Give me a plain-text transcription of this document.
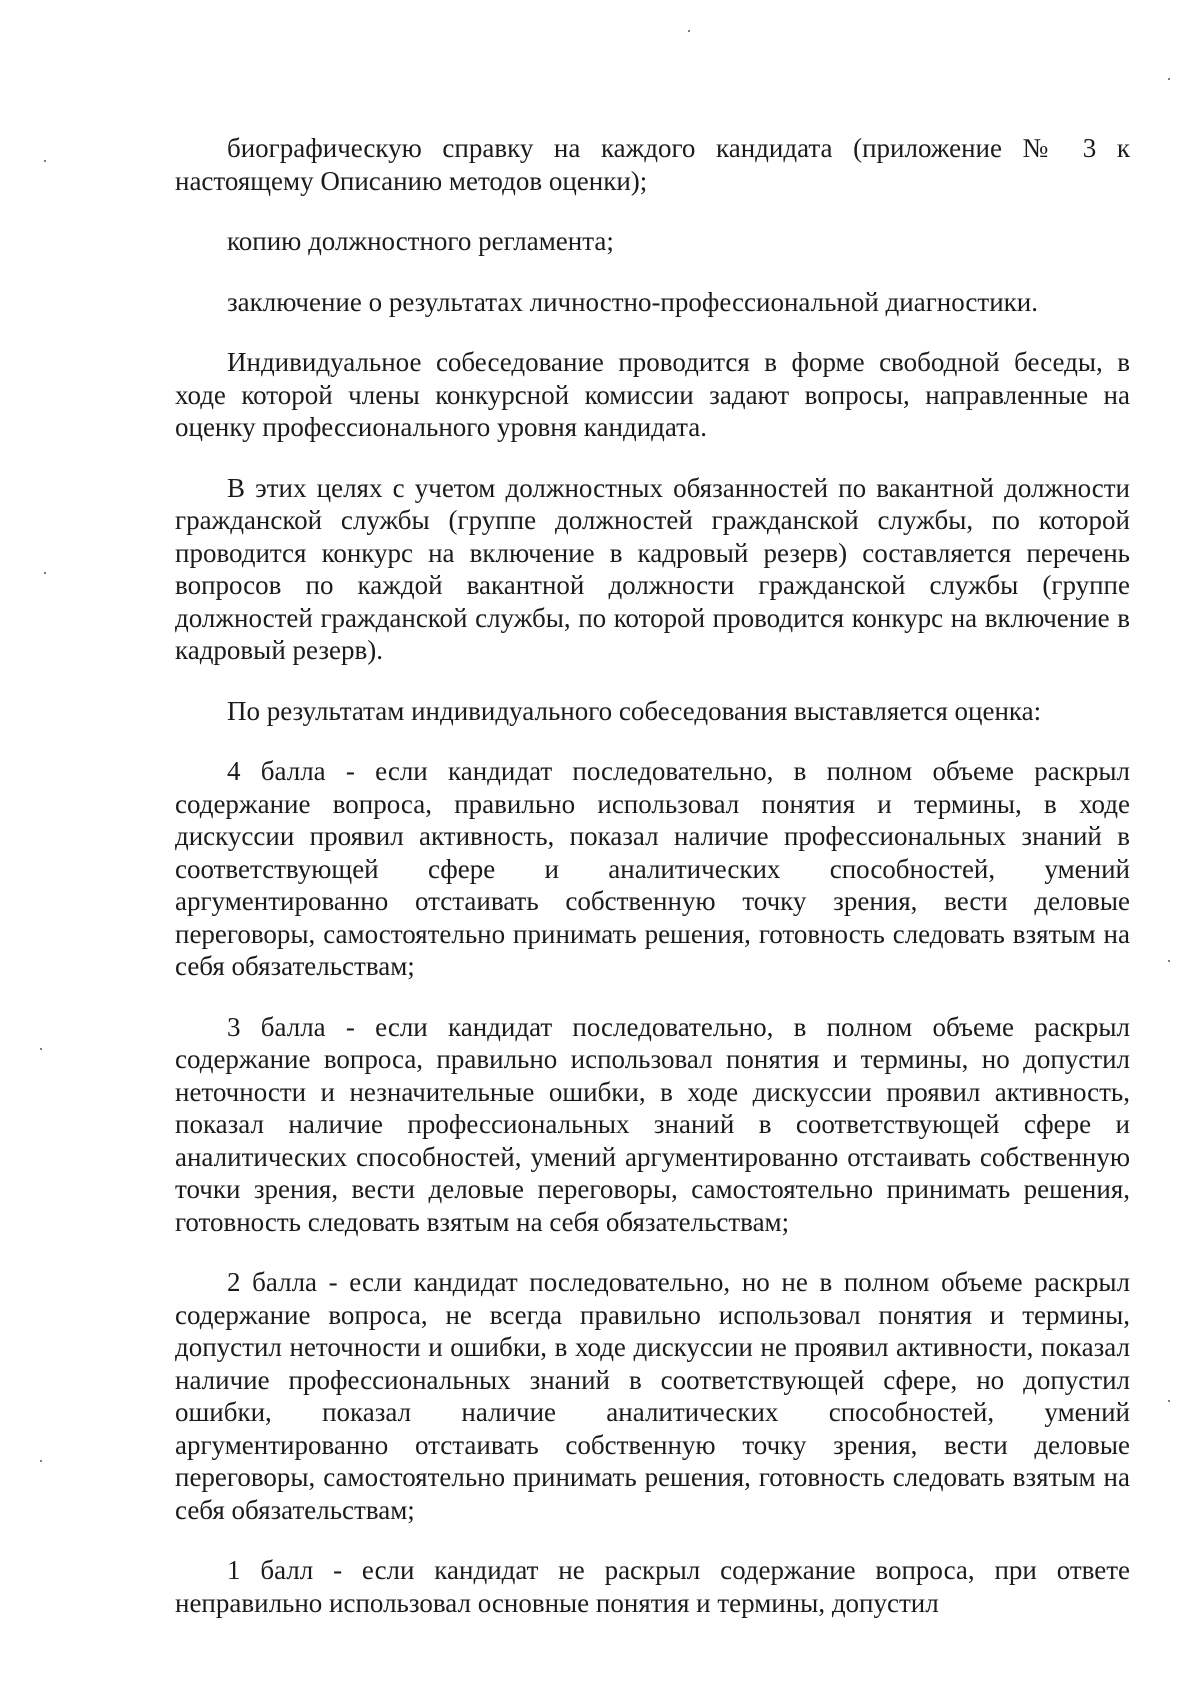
биографическую справку на каждого кандидата (приложение № 3 к настоящему Описанию методов оценки);

копию должностного регламента;

заключение о результатах личностно-профессиональной диагностики.

Индивидуальное собеседование проводится в форме свободной беседы, в ходе которой члены конкурсной комиссии задают вопросы, направленные на оценку профессионального уровня кандидата.

В этих целях с учетом должностных обязанностей по вакантной должности гражданской службы (группе должностей гражданской службы, по которой проводится конкурс на включение в кадровый резерв) составляется перечень вопросов по каждой вакантной должности гражданской службы (группе должностей гражданской службы, по которой проводится конкурс на включение в кадровый резерв).

По результатам индивидуального собеседования выставляется оценка:

4 балла - если кандидат последовательно, в полном объеме раскрыл содержание вопроса, правильно использовал понятия и термины, в ходе дискуссии проявил активность, показал наличие профессиональных знаний в соответствующей сфере и аналитических способностей, умений аргументированно отстаивать собственную точку зрения, вести деловые переговоры, самостоятельно принимать решения, готовность следовать взятым на себя обязательствам;

3 балла - если кандидат последовательно, в полном объеме раскрыл содержание вопроса, правильно использовал понятия и термины, но допустил неточности и незначительные ошибки, в ходе дискуссии проявил активность, показал наличие профессиональных знаний в соответствующей сфере и аналитических способностей, умений аргументированно отстаивать собственную точки зрения, вести деловые переговоры, самостоятельно принимать решения, готовность следовать взятым на себя обязательствам;

2 балла - если кандидат последовательно, но не в полном объеме раскрыл содержание вопроса, не всегда правильно использовал понятия и термины, допустил неточности и ошибки, в ходе дискуссии не проявил активности, показал наличие профессиональных знаний в соответствующей сфере, но допустил ошибки, показал наличие аналитических способностей, умений аргументированно отстаивать собственную точку зрения, вести деловые переговоры, самостоятельно принимать решения, готовность следовать взятым на себя обязательствам;

1 балл - если кандидат не раскрыл содержание вопроса, при ответе неправильно использовал основные понятия и термины, допустил
